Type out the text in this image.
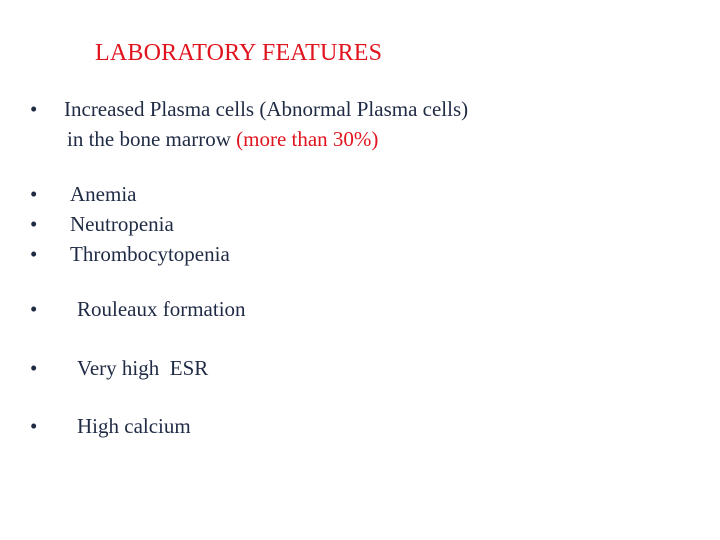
LABORATORY FEATURES
• Increased Plasma cells (Abnormal Plasma cells)
in the bone marrow (more than 30%)
• Anemia
• Neutropenia
• Thrombocytopenia
• Rouleaux formation
• Very high  ESR
• High calcium
